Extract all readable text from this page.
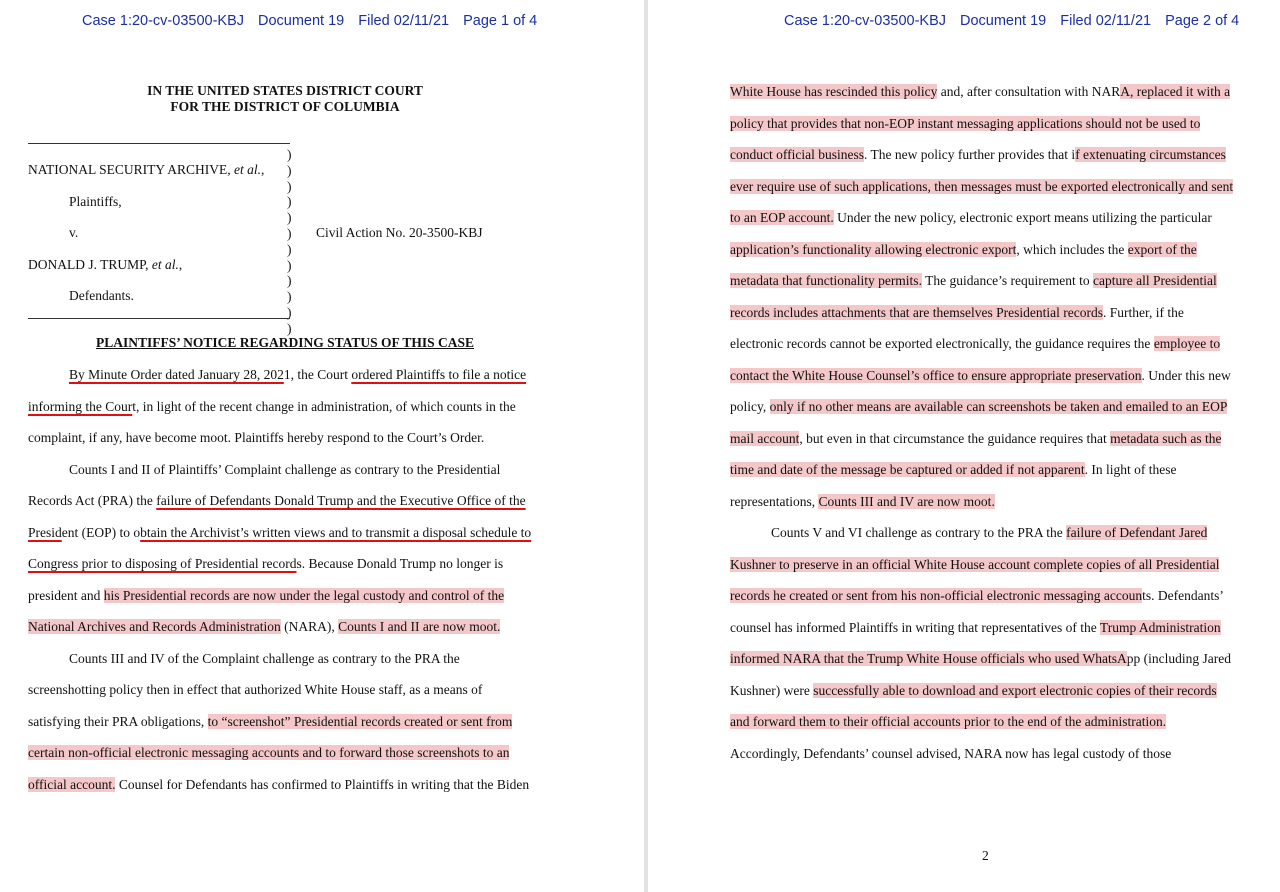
Case 1:20-cv-03500-KBJ Document 19 Filed 02/11/21 Page 1 of 4
IN THE UNITED STATES DISTRICT COURT
FOR THE DISTRICT OF COLUMBIA
)
)
)
)
)
)
)
)
)
)
)
)
NATIONAL SECURITY ARCHIVE, et al.,
Plaintiffs,
v.	Civil Action No. 20-3500-KBJ
DONALD J. TRUMP, et al.,
Defendants.
PLAINTIFFS’ NOTICE REGARDING STATUS OF THIS CASE
By Minute Order dated January 28, 2021, the Court ordered Plaintiffs to file a notice
informing the Court, in light of the recent change in administration, of which counts in the
complaint, if any, have become moot. Plaintiffs hereby respond to the Court’s Order.
Counts I and II of Plaintiffs’ Complaint challenge as contrary to the Presidential
Records Act (PRA) the failure of Defendants Donald Trump and the Executive Office of the
President (EOP) to obtain the Archivist’s written views and to transmit a disposal schedule to
Congress prior to disposing of Presidential records. Because Donald Trump no longer is
president and his Presidential records are now under the legal custody and control of the
National Archives and Records Administration (NARA), Counts I and II are now moot.
Counts III and IV of the Complaint challenge as contrary to the PRA the
screenshotting policy then in effect that authorized White House staff, as a means of
satisfying their PRA obligations, to “screenshot” Presidential records created or sent from
certain non-official electronic messaging accounts and to forward those screenshots to an
official account. Counsel for Defendants has confirmed to Plaintiffs in writing that the Biden
Case 1:20-cv-03500-KBJ Document 19 Filed 02/11/21 Page 2 of 4
White House has rescinded this policy and, after consultation with NARA, replaced it with a
policy that provides that non-EOP instant messaging applications should not be used to
conduct official business. The new policy further provides that if extenuating circumstances
ever require use of such applications, then messages must be exported electronically and sent
to an EOP account. Under the new policy, electronic export means utilizing the particular
application’s functionality allowing electronic export, which includes the export of the
metadata that functionality permits. The guidance’s requirement to capture all Presidential
records includes attachments that are themselves Presidential records. Further, if the
electronic records cannot be exported electronically, the guidance requires the employee to
contact the White House Counsel’s office to ensure appropriate preservation. Under this new
policy, only if no other means are available can screenshots be taken and emailed to an EOP
mail account, but even in that circumstance the guidance requires that metadata such as the
time and date of the message be captured or added if not apparent. In light of these
representations, Counts III and IV are now moot.
Counts V and VI challenge as contrary to the PRA the failure of Defendant Jared
Kushner to preserve in an official White House account complete copies of all Presidential
records he created or sent from his non-official electronic messaging accounts. Defendants’
counsel has informed Plaintiffs in writing that representatives of the Trump Administration
informed NARA that the Trump White House officials who used WhatsApp (including Jared
Kushner) were successfully able to download and export electronic copies of their records
and forward them to their official accounts prior to the end of the administration.
Accordingly, Defendants’ counsel advised, NARA now has legal custody of those
2
